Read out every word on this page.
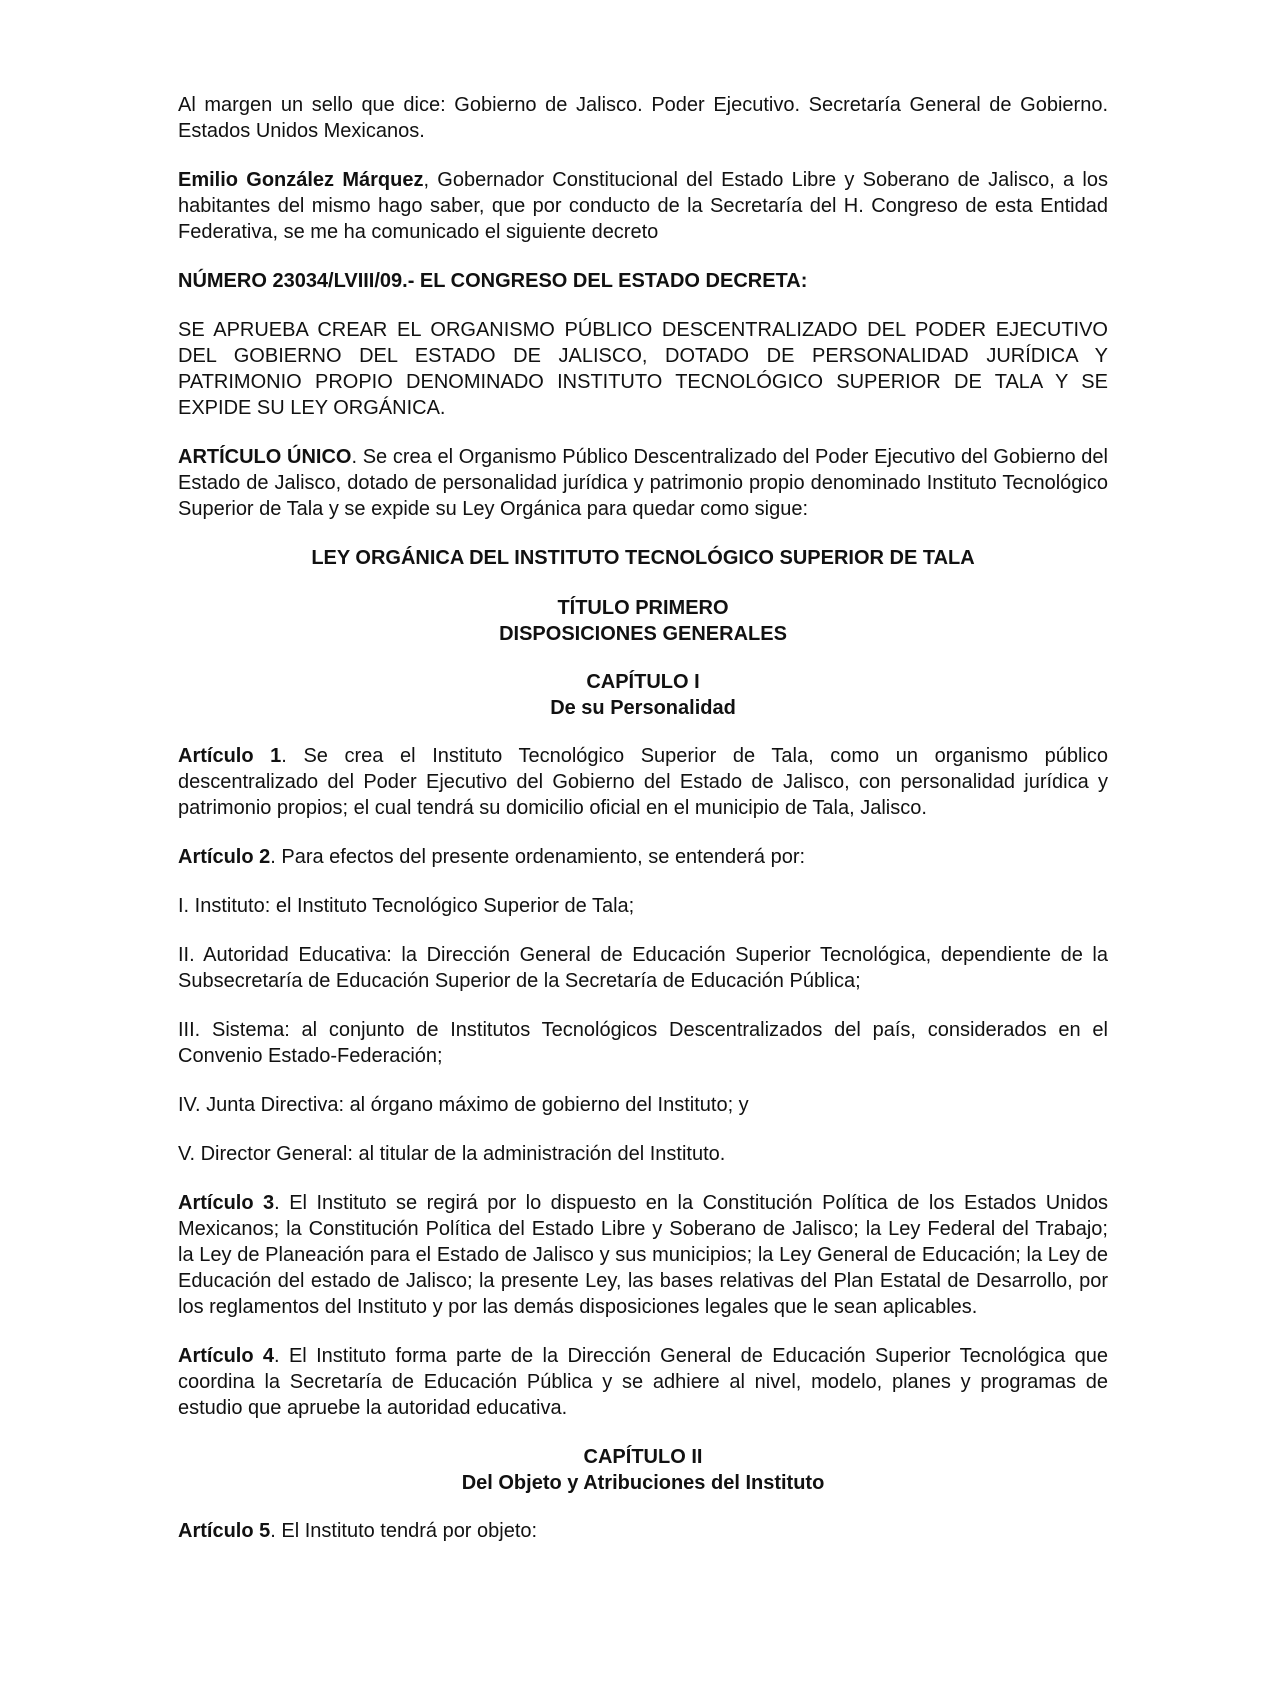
Al margen un sello que dice: Gobierno de Jalisco. Poder Ejecutivo. Secretaría General de Gobierno. Estados Unidos Mexicanos.

Emilio González Márquez, Gobernador Constitucional del Estado Libre y Soberano de Jalisco, a los habitantes del mismo hago saber, que por conducto de la Secretaría del H. Congreso de esta Entidad Federativa, se me ha comunicado el siguiente decreto

NÚMERO 23034/LVIII/09.- EL CONGRESO DEL ESTADO DECRETA:

SE APRUEBA CREAR EL ORGANISMO PÚBLICO DESCENTRALIZADO DEL PODER EJECUTIVO DEL GOBIERNO DEL ESTADO DE JALISCO, DOTADO DE PERSONALIDAD JURÍDICA Y PATRIMONIO PROPIO DENOMINADO INSTITUTO TECNOLÓGICO SUPERIOR DE TALA Y SE EXPIDE SU LEY ORGÁNICA.

ARTÍCULO ÚNICO. Se crea el Organismo Público Descentralizado del Poder Ejecutivo del Gobierno del Estado de Jalisco, dotado de personalidad jurídica y patrimonio propio denominado Instituto Tecnológico Superior de Tala y se expide su Ley Orgánica para quedar como sigue:

LEY ORGÁNICA DEL INSTITUTO TECNOLÓGICO SUPERIOR DE TALA

TÍTULO PRIMERO
DISPOSICIONES GENERALES
CAPÍTULO I
De su Personalidad

Artículo 1. Se crea el Instituto Tecnológico Superior de Tala, como un organismo público descentralizado del Poder Ejecutivo del Gobierno del Estado de Jalisco, con personalidad jurídica y patrimonio propios; el cual tendrá su domicilio oficial en el municipio de Tala, Jalisco.

Artículo 2. Para efectos del presente ordenamiento, se entenderá por:

I. Instituto: el Instituto Tecnológico Superior de Tala;

II. Autoridad Educativa: la Dirección General de Educación Superior Tecnológica, dependiente de la Subsecretaría de Educación Superior de la Secretaría de Educación Pública;

III. Sistema: al conjunto de Institutos Tecnológicos Descentralizados del país, considerados en el Convenio Estado-Federación;

IV. Junta Directiva: al órgano máximo de gobierno del Instituto; y

V. Director General: al titular de la administración del Instituto.

Artículo 3. El Instituto se regirá por lo dispuesto en la Constitución Política de los Estados Unidos Mexicanos; la Constitución Política del Estado Libre y Soberano de Jalisco; la Ley Federal del Trabajo; la Ley de Planeación para el Estado de Jalisco y sus municipios; la Ley General de Educación; la Ley de Educación del estado de Jalisco; la presente Ley, las bases relativas del Plan Estatal de Desarrollo, por los reglamentos del Instituto y por las demás disposiciones legales que le sean aplicables.

Artículo 4. El Instituto forma parte de la Dirección General de Educación Superior Tecnológica que coordina la Secretaría de Educación Pública y se adhiere al nivel, modelo, planes y programas de estudio que apruebe la autoridad educativa.

CAPÍTULO II
Del Objeto y Atribuciones del Instituto

Artículo 5. El Instituto tendrá por objeto:
